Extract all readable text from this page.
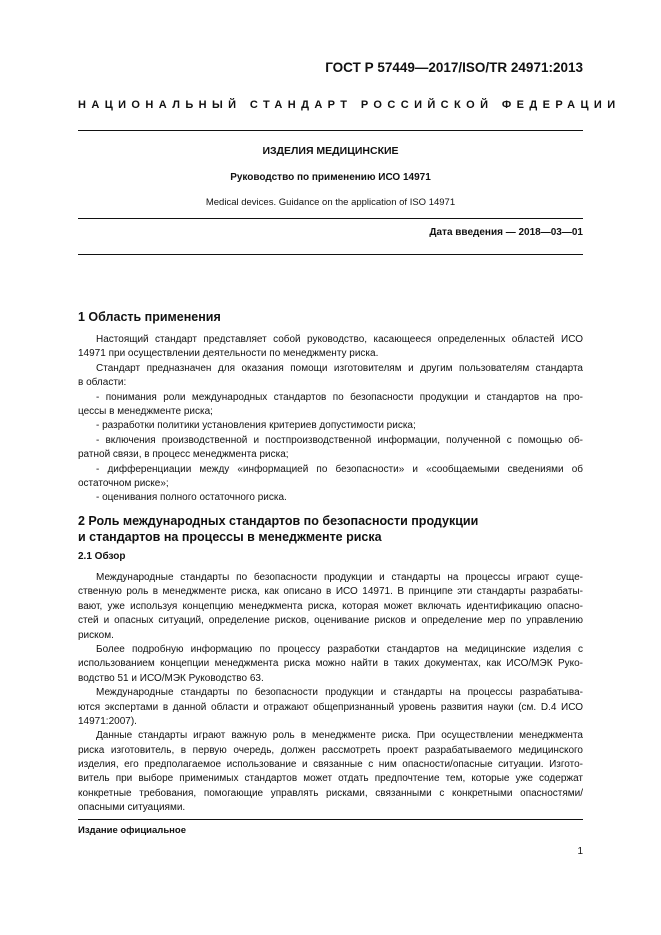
ГОСТ Р 57449—2017/ISO/TR 24971:2013
НАЦИОНАЛЬНЫЙ СТАНДАРТ РОССИЙСКОЙ ФЕДЕРАЦИИ
ИЗДЕЛИЯ МЕДИЦИНСКИЕ
Руководство по применению ИСО 14971
Medical devices. Guidance on the application of ISO 14971
Дата введения — 2018—03—01
1 Область применения
Настоящий стандарт представляет собой руководство, касающееся определенных областей ИСО
14971 при осуществлении деятельности по менеджменту риска.
Стандарт предназначен для оказания помощи изготовителям и другим пользователям стандарта
в области:
- понимания роли международных стандартов по безопасности продукции и стандартов на про-
цессы в менеджменте риска;
- разработки политики установления критериев допустимости риска;
- включения производственной и постпроизводственной информации, полученной с помощью об-
ратной связи, в процесс менеджмента риска;
- дифференциации между «информацией по безопасности» и «сообщаемыми сведениями об
остаточном риске»;
- оценивания полного остаточного риска.
2 Роль международных стандартов по безопасности продукции
и стандартов на процессы в менеджменте риска
2.1 Обзор
Международные стандарты по безопасности продукции и стандарты на процессы играют суще-
ственную роль в менеджменте риска, как описано в ИСО 14971. В принципе эти стандарты разрабаты-
вают, уже используя концепцию менеджмента риска, которая может включать идентификацию опасно-
стей и опасных ситуаций, определение рисков, оценивание рисков и определение мер по управлению
риском.
Более подробную информацию по процессу разработки стандартов на медицинские изделия с
использованием концепции менеджмента риска можно найти в таких документах, как ИСО/МЭК Руко-
водство 51 и ИСО/МЭК Руководство 63.
Международные стандарты по безопасности продукции и стандарты на процессы разрабатыва-
ются экспертами в данной области и отражают общепризнанный уровень развития науки (см. D.4 ИСО
14971:2007).
Данные стандарты играют важную роль в менеджменте риска. При осуществлении менеджмента
риска изготовитель, в первую очередь, должен рассмотреть проект разрабатываемого медицинского
изделия, его предполагаемое использование и связанные с ним опасности/опасные ситуации. Изгото-
витель при выборе применимых стандартов может отдать предпочтение тем, которые уже содержат
конкретные требования, помогающие управлять рисками, связанными с конкретными опасностями/
опасными ситуациями.
Издание официальное
1
